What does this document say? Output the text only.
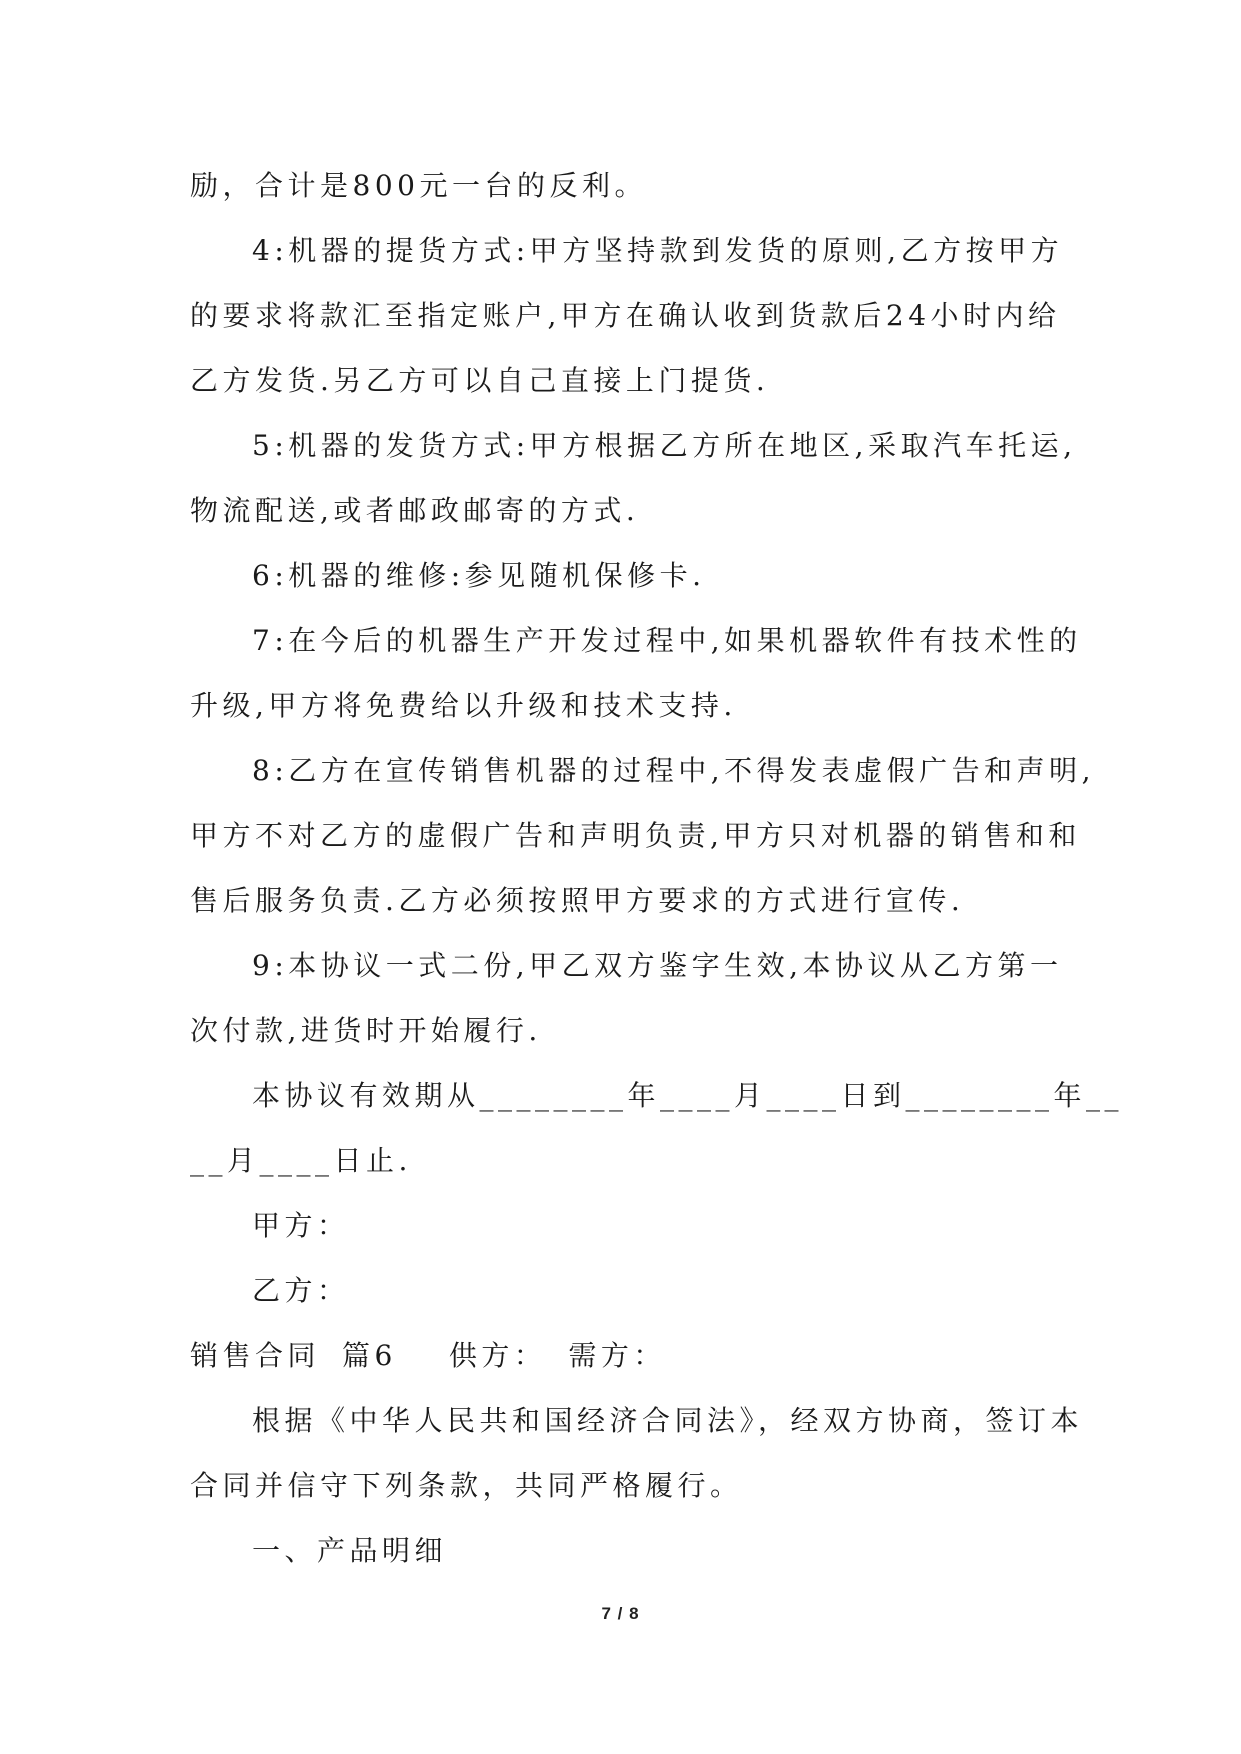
励，合计是800元一台的反利。
4:机器的提货方式:甲方坚持款到发货的原则,乙方按甲方
的要求将款汇至指定账户,甲方在确认收到货款后24小时内给
乙方发货.另乙方可以自己直接上门提货.
5:机器的发货方式:甲方根据乙方所在地区,采取汽车托运,
物流配送,或者邮政邮寄的方式.
6:机器的维修:参见随机保修卡.
7:在今后的机器生产开发过程中,如果机器软件有技术性的
升级,甲方将免费给以升级和技术支持.
8:乙方在宣传销售机器的过程中,不得发表虚假广告和声明,
甲方不对乙方的虚假广告和声明负责,甲方只对机器的销售和和
售后服务负责.乙方必须按照甲方要求的方式进行宣传.
9:本协议一式二份,甲乙双方鉴字生效,本协议从乙方第一
次付款,进货时开始履行.
本协议有效期从________年____月____日到________年__
__月____日止.
甲方：
乙方：
销售合同 篇6 供方： 需方：
根据《中华人民共和国经济合同法》，经双方协商，签订本
合同并信守下列条款，共同严格履行。
一、产品明细
7 / 8
